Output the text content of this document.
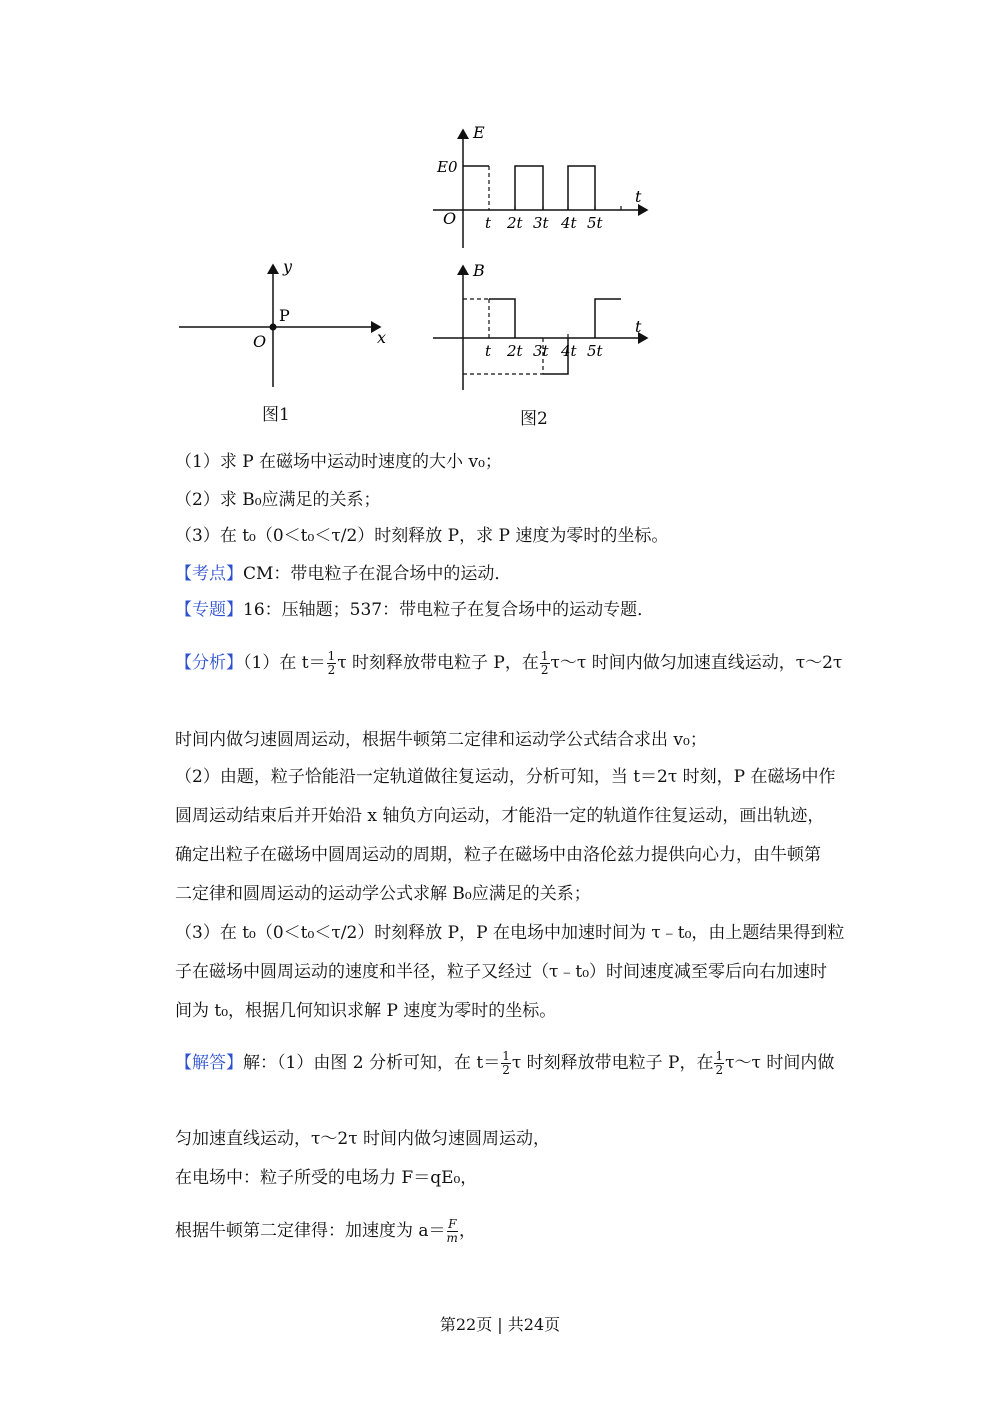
E
t
O
E0
t 2t 3t 4t 5t
x
y
O
P
B
t
t 2t 3t 4t 5t
图1	图2
（1）求 P 在磁场中运动时速度的大小 v₀；
（2）求 B₀应满足的关系；
（3）在 t₀（0＜t₀＜τ/2）时刻释放 P，求 P 速度为零时的坐标。
【考点】CM：带电粒子在混合场中的运动．
【专题】16：压轴题；537：带电粒子在复合场中的运动专题．
【分析】（1）在 $t= \frac{1}{2}$ τ 时刻释放带电粒子 P，在 $\frac{1}{2}$ τ～τ 时间内做匀加速直线运动，τ～2τ
时间内做匀速圆周运动，根据牛顿第二定律和运动学公式结合求出 v₀；
（2）由题，粒子恰能沿一定轨道做往复运动，分析可知，当 t＝2τ 时刻，P 在磁场中作
圆周运动结束后并开始沿 x 轴负方向运动，才能沿一定的轨道作往复运动，画出轨迹，
确定出粒子在磁场中圆周运动的周期，粒子在磁场中由洛伦兹力提供向心力，由牛顿第
二定律和圆周运动的运动学公式求解 B₀应满足的关系；
（3）在 t₀（0＜t₀＜τ/2）时刻释放 P，P 在电场中加速时间为 τ﹣t₀，由上题结果得到粒
子在磁场中圆周运动的速度和半径，粒子又经过（τ﹣t₀）时间速度减至零后向右加速时
间为 t₀，根据几何知识求解 P 速度为零时的坐标。
【解答】解：（1）由图 2 分析可知，在 $t= \frac{1}{2}$ τ 时刻释放带电粒子 P，在 $\frac{1}{2}$ τ～τ 时间内做
匀加速直线运动，τ～2τ 时间内做匀速圆周运动，
在电场中：粒子所受的电场力 F＝qE₀，
根据牛顿第二定律得：加速度为 $a= \frac{F}{m}$ ，
第22页 | 共24页
